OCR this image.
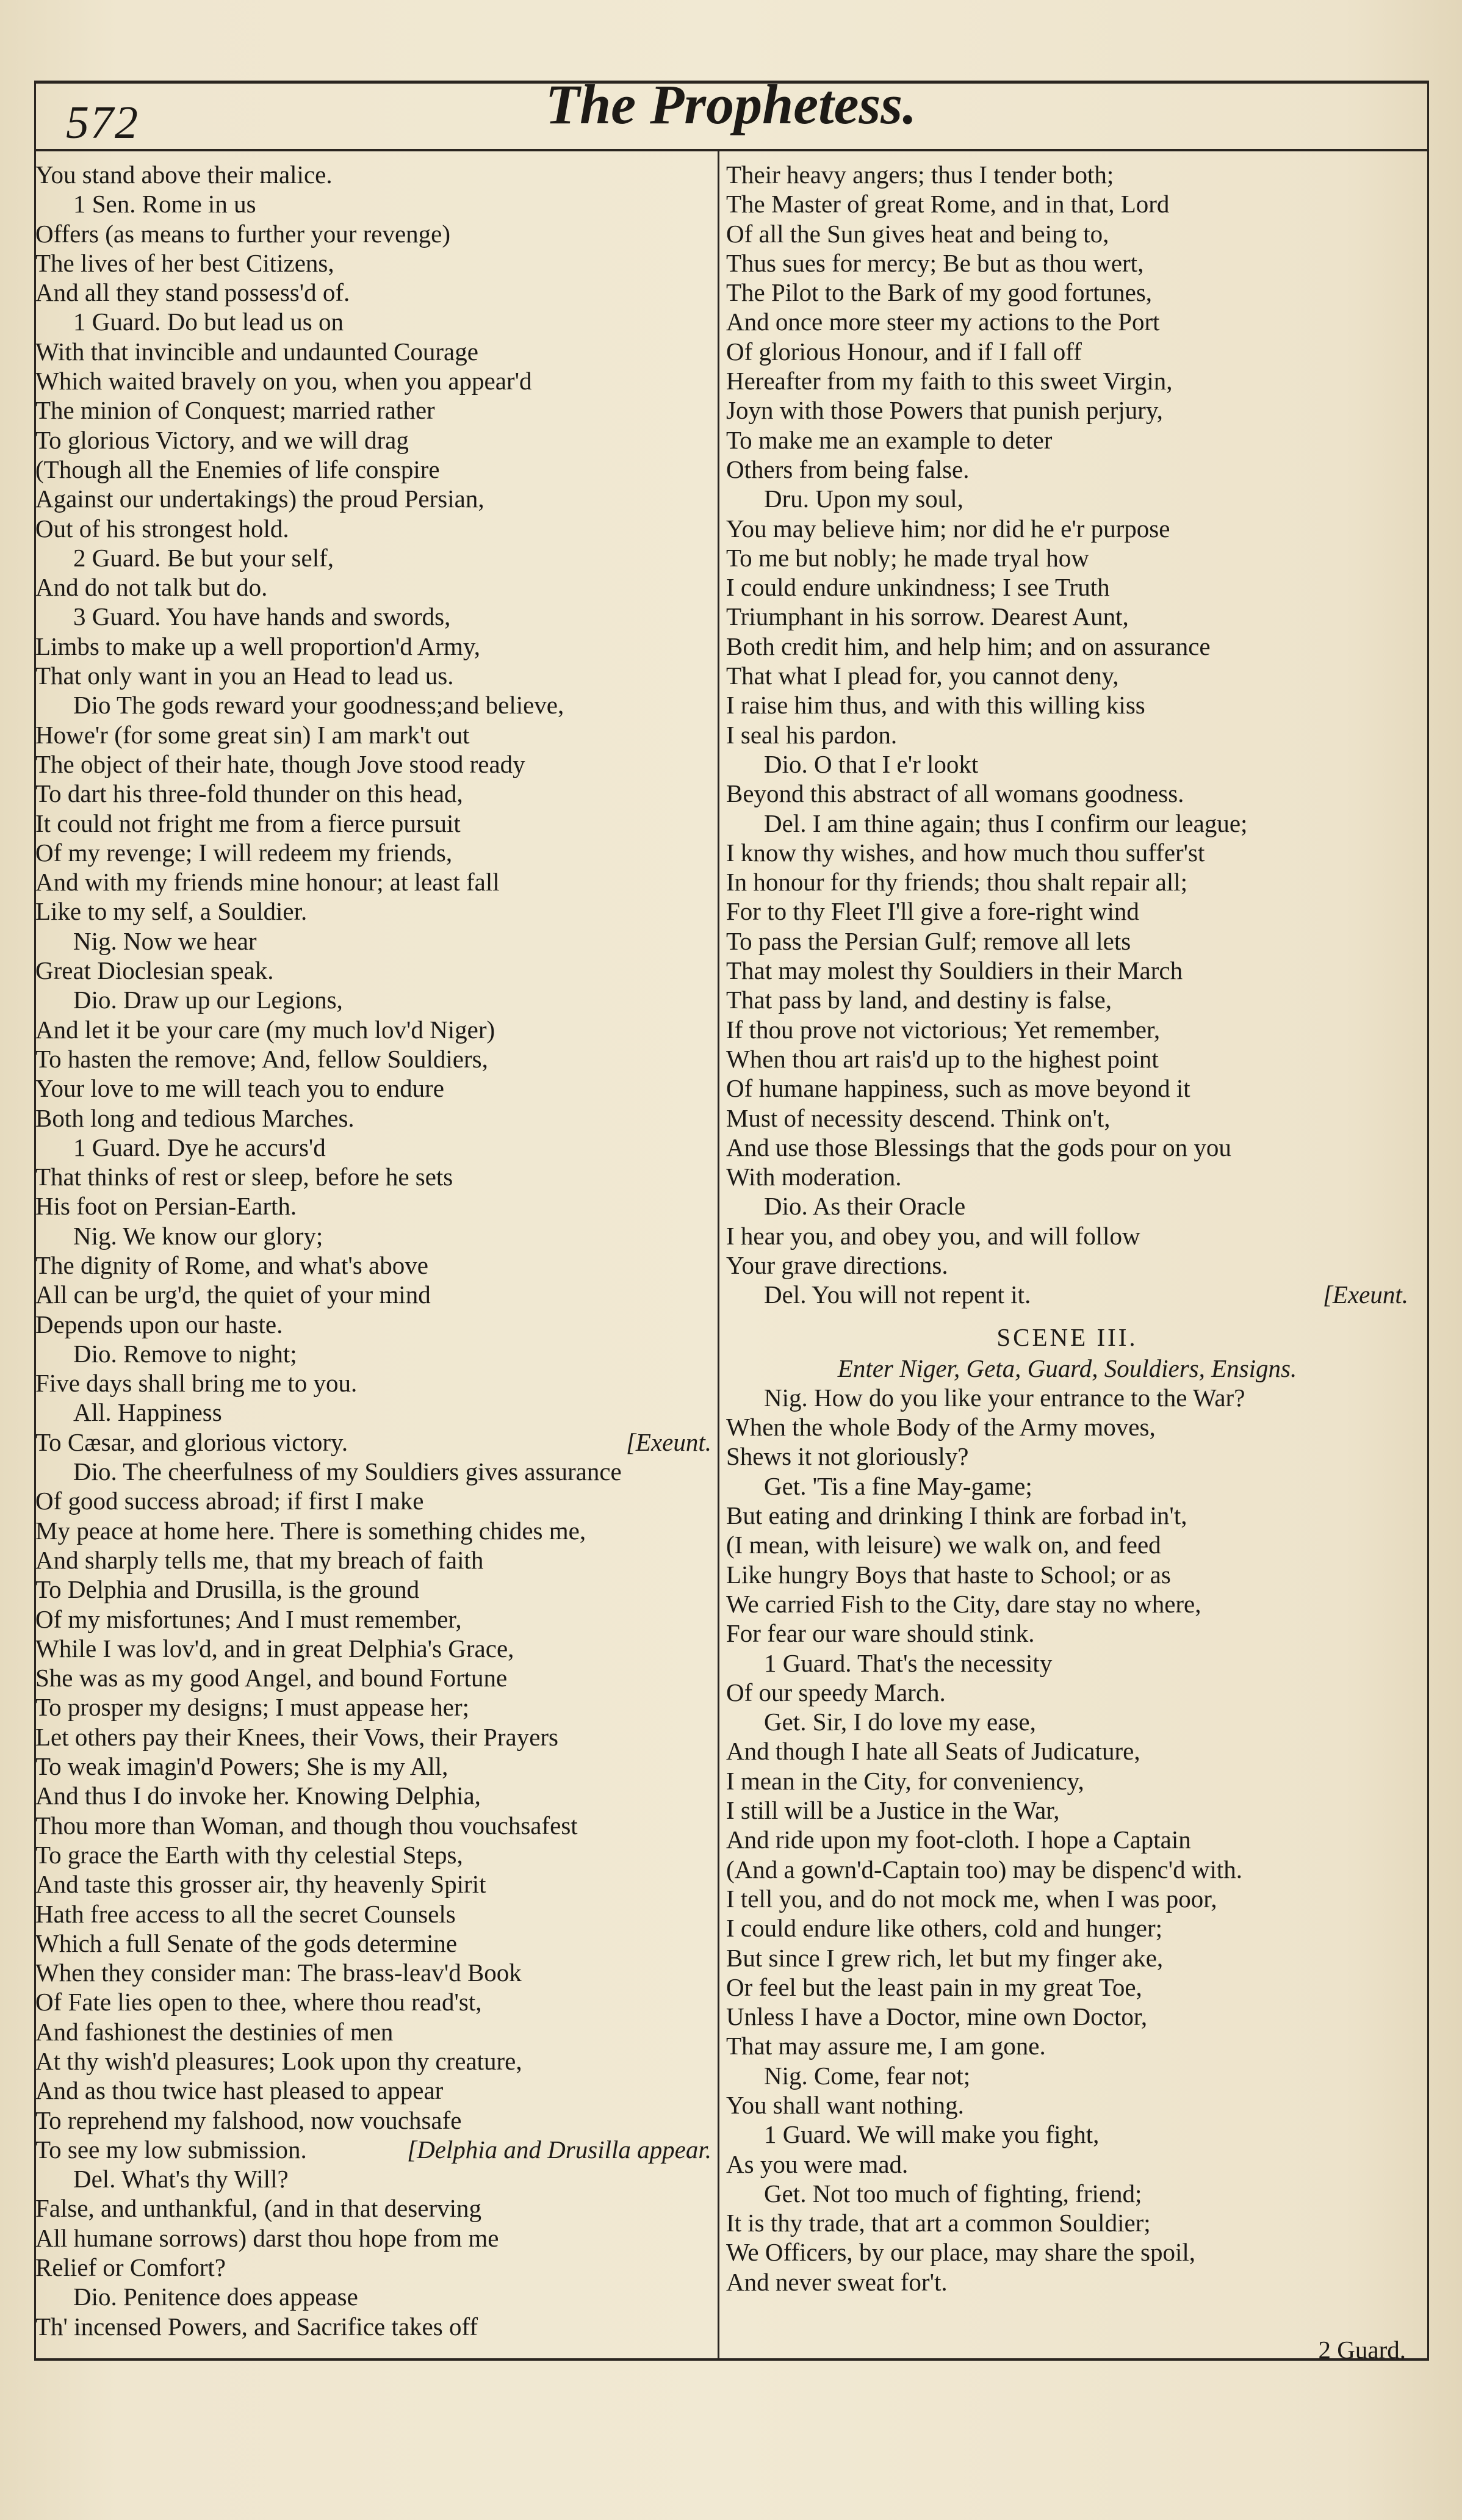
572	The Prophetess.
You stand above their malice.
1 Sen. Rome in us
Offers (as means to further your revenge)
The lives of her best Citizens,
And all they stand possess'd of.
1 Guard. Do but lead us on
With that invincible and undaunted Courage
Which waited bravely on you, when you appear'd
The minion of Conquest; married rather
To glorious Victory, and we will drag
(Though all the Enemies of life conspire
Against our undertakings) the proud Persian,
Out of his strongest hold.
2 Guard. Be but your self,
And do not talk but do.
3 Guard. You have hands and swords,
Limbs to make up a well proportion'd Army,
That only want in you an Head to lead us.
Dio The gods reward your goodness;and believe,
Howe'r (for some great sin) I am mark't out
The object of their hate, though Jove stood ready
To dart his three-fold thunder on this head,
It could not fright me from a fierce pursuit
Of my revenge; I will redeem my friends,
And with my friends mine honour; at least fall
Like to my self, a Souldier.
Nig. Now we hear
Great Dioclesian speak.
Dio. Draw up our Legions,
And let it be your care (my much lov'd Niger)
To hasten the remove; And, fellow Souldiers,
Your love to me will teach you to endure
Both long and tedious Marches.
1 Guard. Dye he accurs'd
That thinks of rest or sleep, before he sets
His foot on Persian-Earth.
Nig. We know our glory;
The dignity of Rome, and what's above
All can be urg'd, the quiet of your mind
Depends upon our haste.
Dio. Remove to night;
Five days shall bring me to you.
All. Happiness
To Cæsar, and glorious victory.	[Exeunt.
Dio. The cheerfulness of my Souldiers gives assurance
Of good success abroad; if first I make
My peace at home here. There is something chides me,
And sharply tells me, that my breach of faith
To Delphia and Drusilla, is the ground
Of my misfortunes; And I must remember,
While I was lov'd, and in great Delphia's Grace,
She was as my good Angel, and bound Fortune
To prosper my designs; I must appease her;
Let others pay their Knees, their Vows, their Prayers
To weak imagin'd Powers; She is my All,
And thus I do invoke her. Knowing Delphia,
Thou more than Woman, and though thou vouchsafest
To grace the Earth with thy celestial Steps,
And taste this grosser air, thy heavenly Spirit
Hath free access to all the secret Counsels
Which a full Senate of the gods determine
When they consider man: The brass-leav'd Book
Of Fate lies open to thee, where thou read'st,
And fashionest the destinies of men
At thy wish'd pleasures; Look upon thy creature,
And as thou twice hast pleased to appear
To reprehend my falshood, now vouchsafe
To see my low submission.	[Delphia and Drusilla appear.
Del. What's thy Will?
False, and unthankful, (and in that deserving
All humane sorrows) darst thou hope from me
Relief or Comfort?
Dio. Penitence does appease
Th' incensed Powers, and Sacrifice takes off
Their heavy angers; thus I tender both;
The Master of great Rome, and in that, Lord
Of all the Sun gives heat and being to,
Thus sues for mercy; Be but as thou wert,
The Pilot to the Bark of my good fortunes,
And once more steer my actions to the Port
Of glorious Honour, and if I fall off
Hereafter from my faith to this sweet Virgin,
Joyn with those Powers that punish perjury,
To make me an example to deter
Others from being false.
Dru. Upon my soul,
You may believe him; nor did he e'r purpose
To me but nobly; he made tryal how
I could endure unkindness; I see Truth
Triumphant in his sorrow. Dearest Aunt,
Both credit him, and help him; and on assurance
That what I plead for, you cannot deny,
I raise him thus, and with this willing kiss
I seal his pardon.
Dio. O that I e'r lookt
Beyond this abstract of all womans goodness.
Del. I am thine again; thus I confirm our league;
I know thy wishes, and how much thou suffer'st
In honour for thy friends; thou shalt repair all;
For to thy Fleet I'll give a fore-right wind
To pass the Persian Gulf; remove all lets
That may molest thy Souldiers in their March
That pass by land, and destiny is false,
If thou prove not victorious; Yet remember,
When thou art rais'd up to the highest point
Of humane happiness, such as move beyond it
Must of necessity descend. Think on't,
And use those Blessings that the gods pour on you
With moderation.
Dio. As their Oracle
I hear you, and obey you, and will follow
Your grave directions.
Del. You will not repent it.	[Exeunt.
SCENE III.
Enter Niger, Geta, Guard, Souldiers, Ensigns.
Nig. How do you like your entrance to the War?
When the whole Body of the Army moves,
Shews it not gloriously?
Get. 'Tis a fine May-game;
But eating and drinking I think are forbad in't,
(I mean, with leisure) we walk on, and feed
Like hungry Boys that haste to School; or as
We carried Fish to the City, dare stay no where,
For fear our ware should stink.
1 Guard. That's the necessity
Of our speedy March.
Get. Sir, I do love my ease,
And though I hate all Seats of Judicature,
I mean in the City, for conveniency,
I still will be a Justice in the War,
And ride upon my foot-cloth. I hope a Captain
(And a gown'd-Captain too) may be dispenc'd with.
I tell you, and do not mock me, when I was poor,
I could endure like others, cold and hunger;
But since I grew rich, let but my finger ake,
Or feel but the least pain in my great Toe,
Unless I have a Doctor, mine own Doctor,
That may assure me, I am gone.
Nig. Come, fear not;
You shall want nothing.
1 Guard. We will make you fight,
As you were mad.
Get. Not too much of fighting, friend;
It is thy trade, that art a common Souldier;
We Officers, by our place, may share the spoil,
And never sweat for't.
2 Guard.
